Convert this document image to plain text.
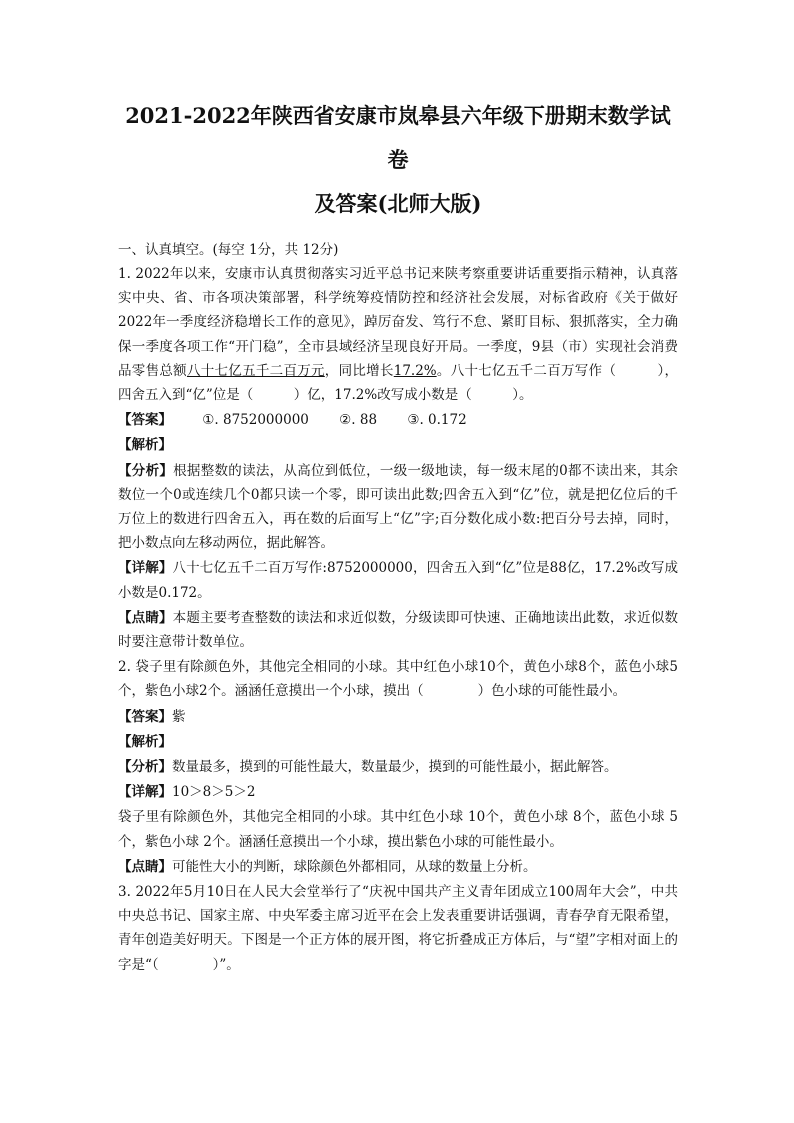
2021-2022年陕西省安康市岚皋县六年级下册期末数学试卷
及答案(北师大版)
一、认真填空。(每空 1分，共 12分)

1. 2022年以来，安康市认真贯彻落实习近平总书记来陕考察重要讲话重要指示精神，认真落实中央、省、市各项决策部署，科学统筹疫情防控和经济社会发展，对标省政府《关于做好 2022年一季度经济稳增长工作的意见》，踔厉奋发、笃行不怠、紧盯目标、狠抓落实，全力确保一季度各项工作“开门稳”，全市县域经济呈现良好开局。一季度，9县（市）实现社会消费品零售总额八十七亿五千二百万元，同比增长17.2%。八十七亿五千二百万写作（　　　），四舍五入到“亿”位是（　　　）亿，17.2%改写成小数是（　　　）。

【答案】 ①. 8752000000 ②. 88 ③. 0.172

【解析】

【分析】根据整数的读法，从高位到低位，一级一级地读，每一级末尾的0都不读出来，其余数位一个0或连续几个0都只读一个零，即可读出此数;四舍五入到“亿”位，就是把亿位后的千万位上的数进行四舍五入，再在数的后面写上“亿”字;百分数化成小数:把百分号去掉，同时，把小数点向左移动两位，据此解答。

【详解】八十七亿五千二百万写作:8752000000，四舍五入到“亿”位是88亿，17.2%改写成小数是0.172。

【点睛】本题主要考查整数的读法和求近似数，分级读即可快速、正确地读出此数，求近似数时要注意带计数单位。

2. 袋子里有除颜色外，其他完全相同的小球。其中红色小球10个，黄色小球8个，蓝色小球5个，紫色小球2个。涵涵任意摸出一个小球，摸出（　　　　）色小球的可能性最小。

【答案】紫

【解析】

【分析】数量最多，摸到的可能性最大，数量最少，摸到的可能性最小，据此解答。

【详解】10＞8＞5＞2

袋子里有除颜色外，其他完全相同的小球。其中红色小球 10个，黄色小球 8个，蓝色小球 5个，紫色小球 2个。涵涵任意摸出一个小球，摸出紫色小球的可能性最小。

【点睛】可能性大小的判断，球除颜色外都相同，从球的数量上分析。

3. 2022年5月10日在人民大会堂举行了“庆祝中国共产主义青年团成立100周年大会”，中共中央总书记、国家主席、中央军委主席习近平在会上发表重要讲话强调，青春孕育无限希望，青年创造美好明天。下图是一个正方体的展开图，将它折叠成正方体后，与“望”字相对面上的字是“（　　　　）”。
